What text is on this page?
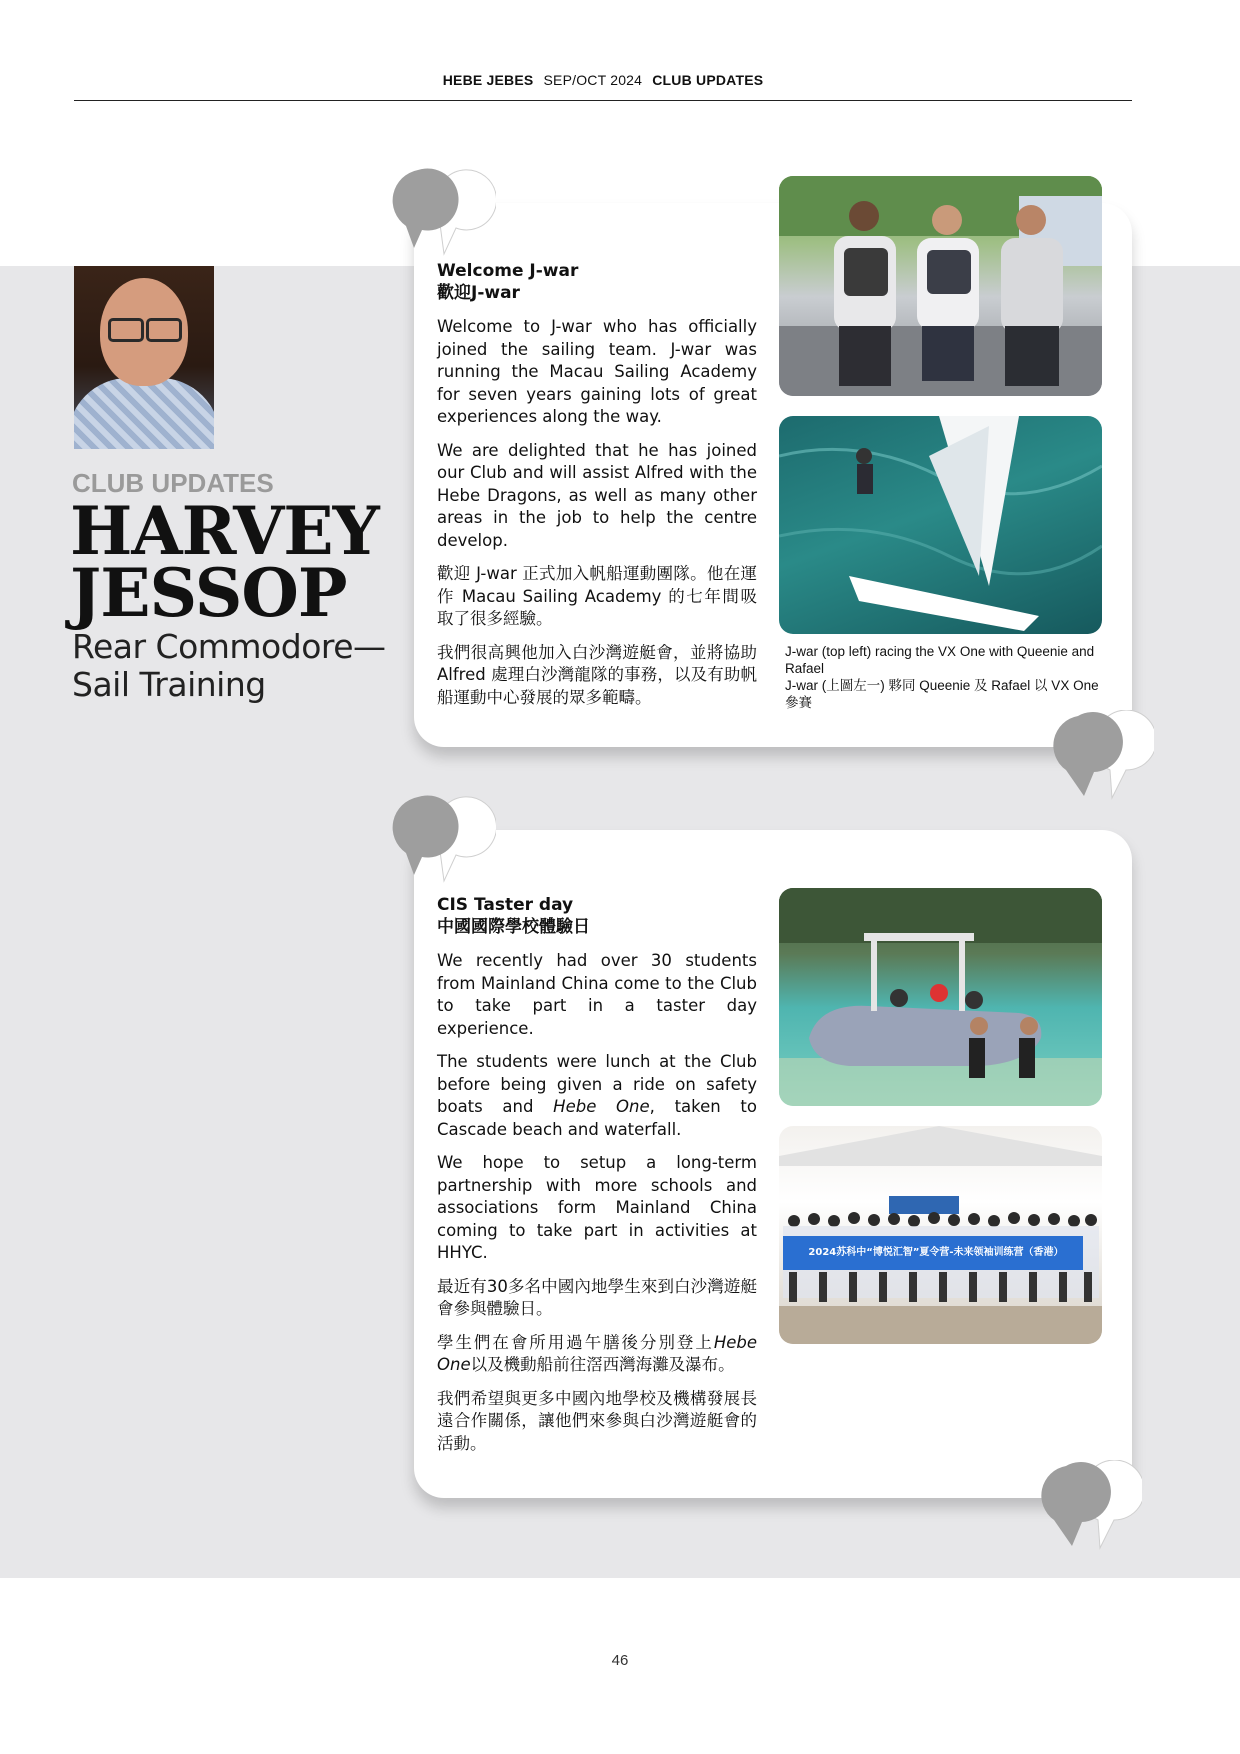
HEBE JEBES SEP/OCT 2024 CLUB UPDATES
CLUB UPDATES
HARVEY
JESSOP
Rear Commodore—
Sail Training
Welcome J-war
歡迎J-war

Welcome to J-war who has officially joined the sailing team. J-war was running the Macau Sailing Academy for seven years gaining lots of great experiences along the way.

We are delighted that he has joined our Club and will assist Alfred with the Hebe Dragons, as well as many other areas in the job to help the centre develop.

歡迎 J-war 正式加入帆船運動團隊。他在運作 Macau Sailing Academy 的七年間吸取了很多經驗。

我們很高興他加入白沙灣遊艇會，並將協助 Alfred 處理白沙灣龍隊的事務，以及有助帆船運動中心發展的眾多範疇。

J-war (top left) racing the VX One with Queenie and Rafael
J-war (上圖左一) 夥同 Queenie 及 Rafael 以 VX One參賽
CIS Taster day
中國國際學校體驗日

We recently had over 30 students from Mainland China come to the Club to take part in a taster day experience.

The students were lunch at the Club before being given a ride on safety boats and Hebe One, taken to Cascade beach and waterfall.

We hope to setup a long-term partnership with more schools and associations form Mainland China coming to take part in activities at HHYC.

最近有30多名中國內地學生來到白沙灣遊艇會參與體驗日。

學生們在會所用過午膳後分別登上Hebe One以及機動船前往滘西灣海灘及瀑布。

我們希望與更多中國內地學校及機構發展長遠合作關係，讓他們來參與白沙灣遊艇會的活動。

2024苏科中“博悦汇智”夏令营-未来领袖训练营（香港）
46
